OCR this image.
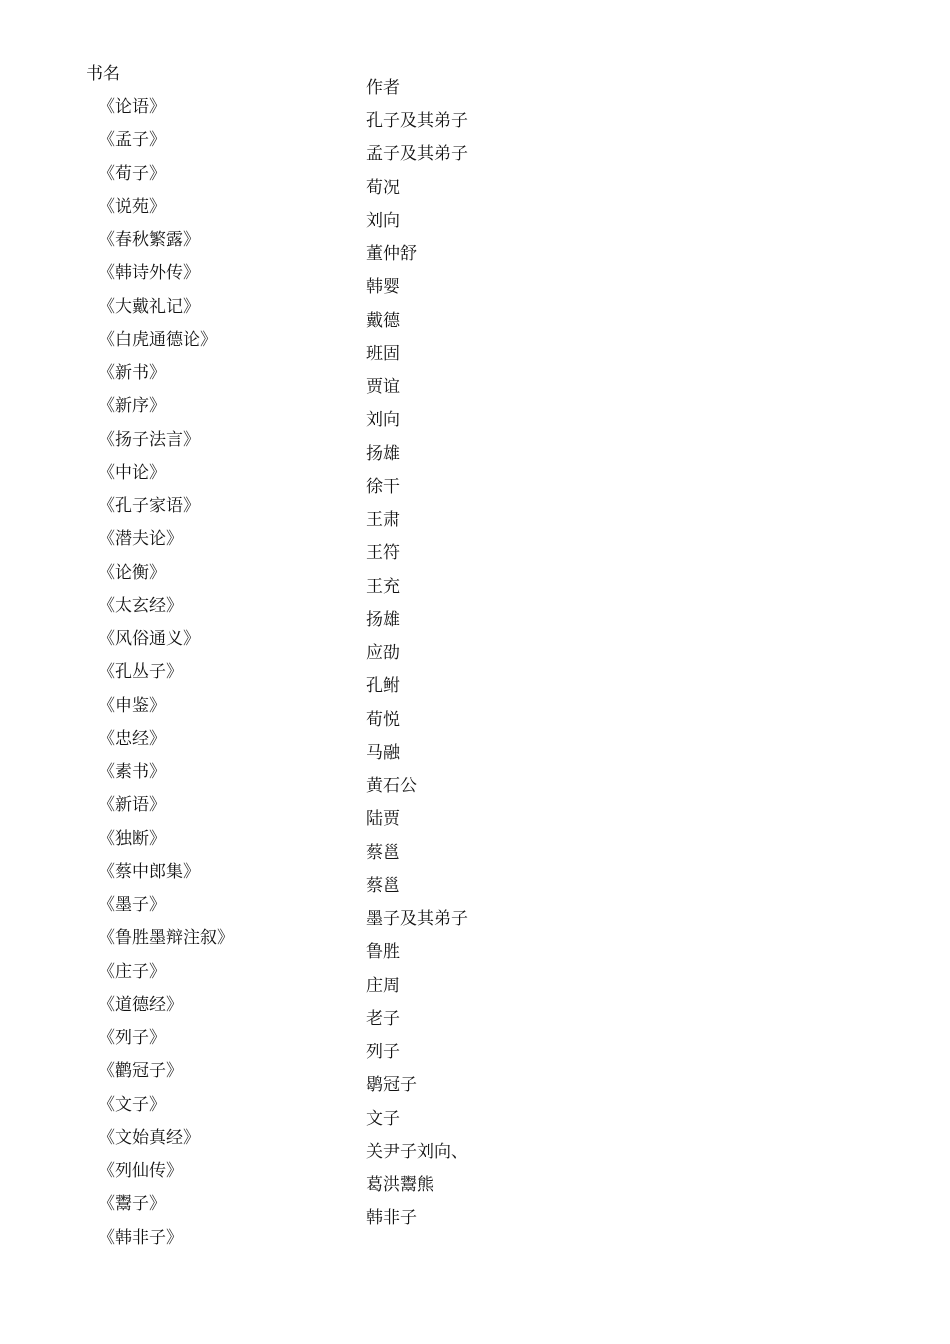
书名
《论语》
《孟子》
《荀子》
《说苑》
《春秋繁露》
《韩诗外传》
《大戴礼记》
《白虎通德论》
《新书》
《新序》
《扬子法言》
《中论》
《孔子家语》
《潜夫论》
《论衡》
《太玄经》
《风俗通义》
《孔丛子》
《申鉴》
《忠经》
《素书》
《新语》
《独断》
《蔡中郎集》
《墨子》
《鲁胜墨辩注叙》
《庄子》
《道德经》
《列子》
《鹳冠子》
《文子》
《文始真经》
《列仙传》
《鬻子》
《韩非子》
作者
孔子及其弟子
孟子及其弟子
荀况
刘向
董仲舒
韩婴
戴德
班固
贾谊
刘向
扬雄
徐干
王肃
王符
王充
扬雄
应劭
孔鲋
荀悦
马融
黄石公
陆贾
蔡邕
蔡邕
墨子及其弟子
鲁胜
庄周
老子
列子
鹖冠子
文子
关尹子刘向、
葛洪鬻熊
韩非子
